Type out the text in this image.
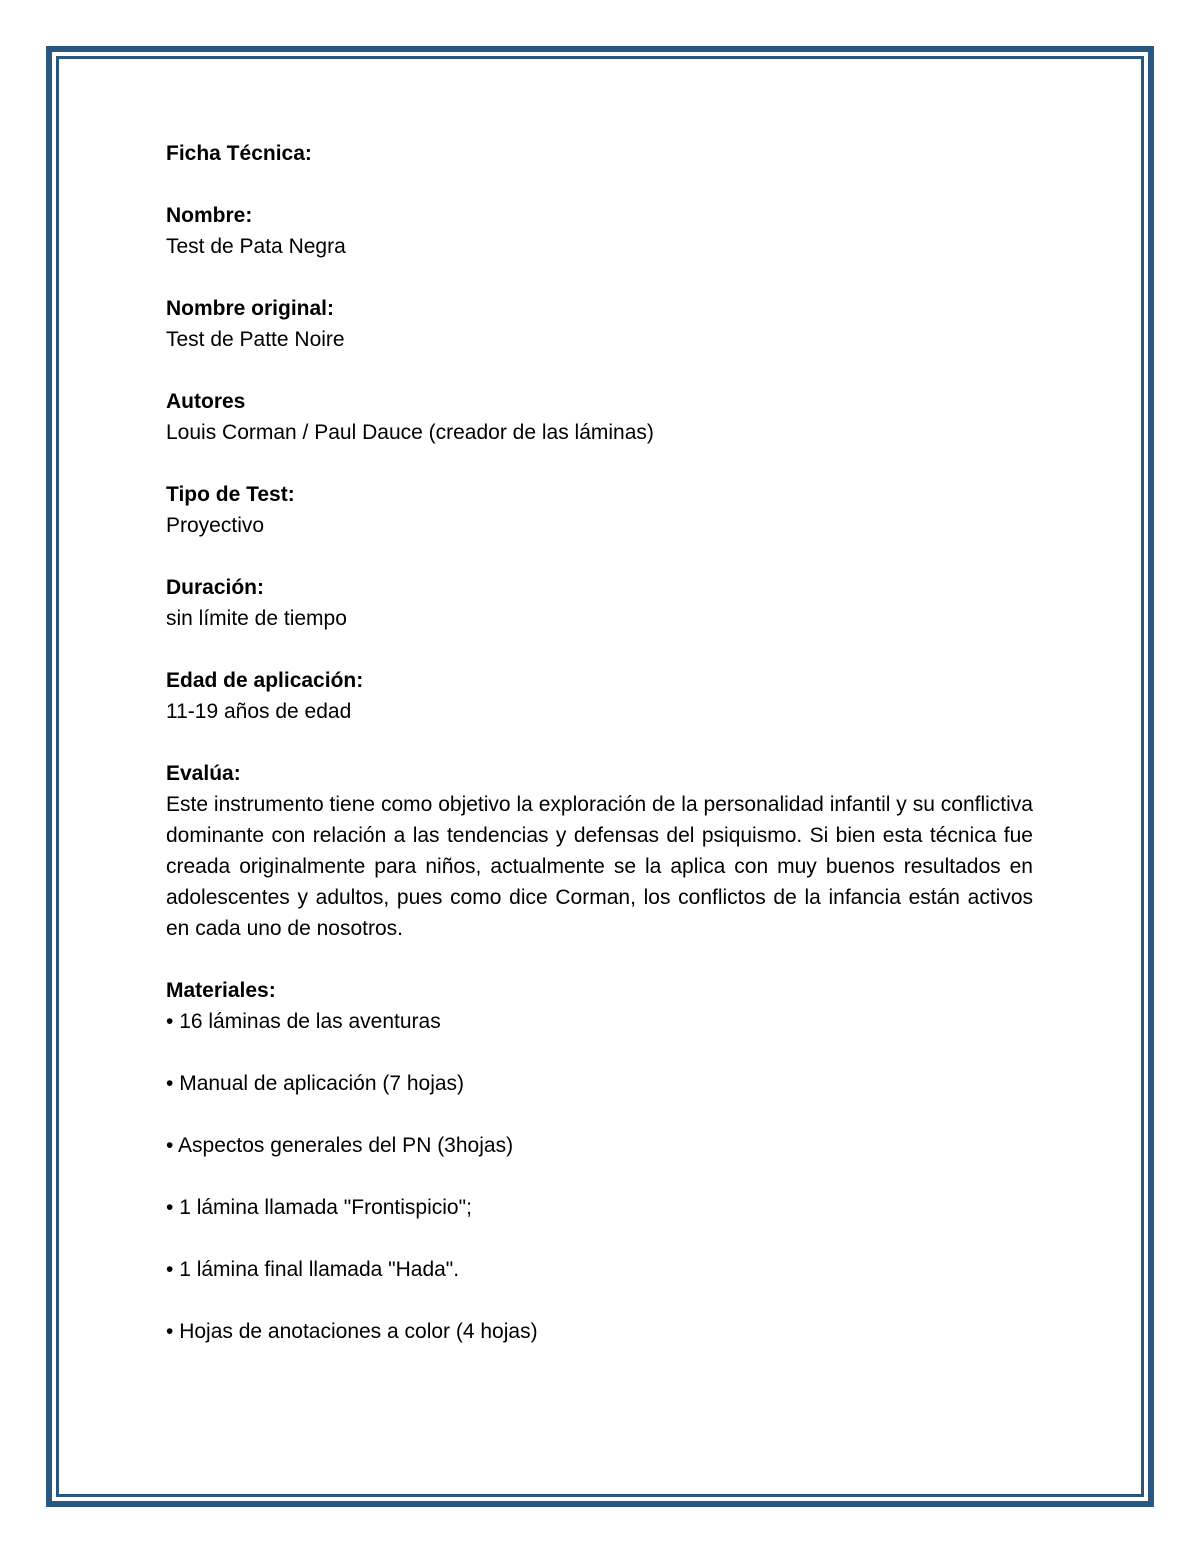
Ficha Técnica:
Nombre:
Test de Pata Negra
Nombre original:
Test de Patte Noire
Autores
Louis Corman / Paul Dauce (creador de las láminas)
Tipo de Test:
Proyectivo
Duración:
sin límite de tiempo
Edad de aplicación:
11-19 años de edad
Evalúa:
Este instrumento tiene como objetivo la exploración de la personalidad infantil y su conflictiva dominante con relación a las tendencias y defensas del psiquismo. Si bien esta técnica fue creada originalmente para niños, actualmente se la aplica con muy buenos resultados en adolescentes y adultos, pues como dice Corman, los conflictos de la infancia están activos en cada uno de nosotros.
Materiales:
• 16 láminas de las aventuras
• Manual de aplicación (7 hojas)
• Aspectos generales del PN (3hojas)
• 1 lámina llamada "Frontispicio";
• 1 lámina final llamada "Hada".
• Hojas de anotaciones a color (4 hojas)
